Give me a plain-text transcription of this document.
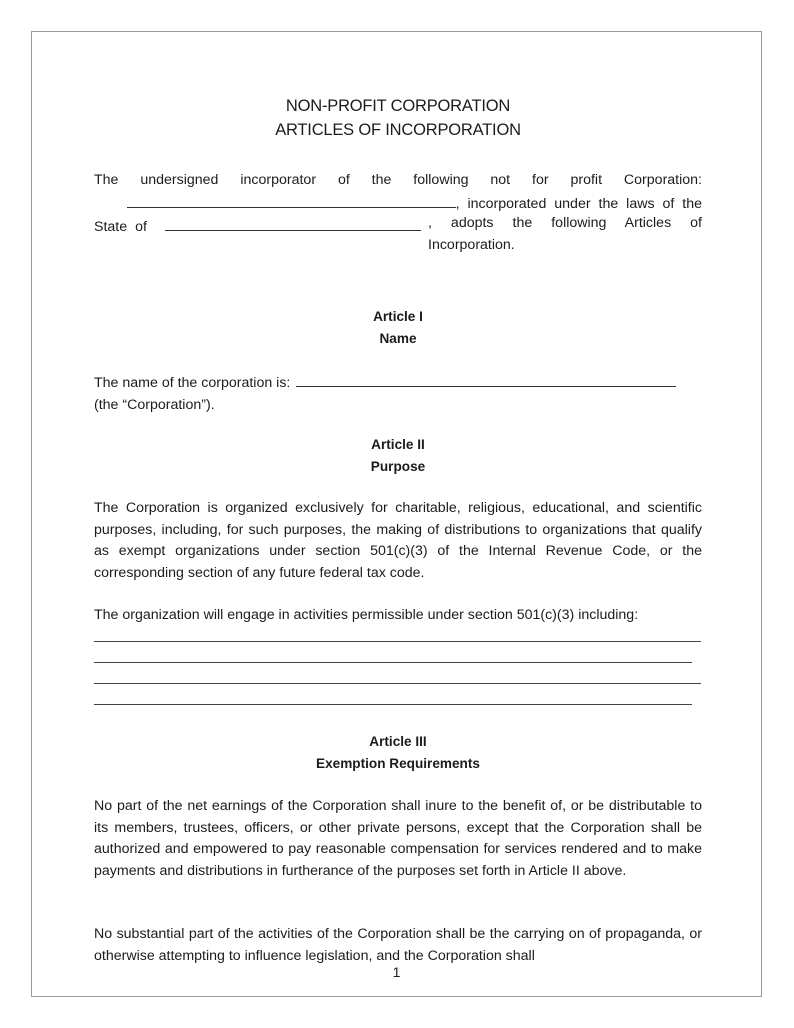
NON-PROFIT CORPORATION
ARTICLES OF INCORPORATION
The undersigned incorporator of the following not for profit Corporation:
, incorporated under the laws of the
State of	, adopts the following Articles of Incorporation.
Article I
Name
The name of the corporation is:
(the “Corporation”).
Article II
Purpose
The Corporation is organized exclusively for charitable, religious, educational, and scientific purposes, including, for such purposes, the making of distributions to organizations that qualify as exempt organizations under section 501(c)(3) of the Internal Revenue Code, or the corresponding section of any future federal tax code.
The organization will engage in activities permissible under section 501(c)(3) including:
Article III
Exemption Requirements
No part of the net earnings of the Corporation shall inure to the benefit of, or be distributable to its members, trustees, officers, or other private persons, except that the Corporation shall be authorized and empowered to pay reasonable compensation for services rendered and to make payments and distributions in furtherance of the purposes set forth in Article II above.
No substantial part of the activities of the Corporation shall be the carrying on of propaganda, or otherwise attempting to influence legislation, and the Corporation shall
1
